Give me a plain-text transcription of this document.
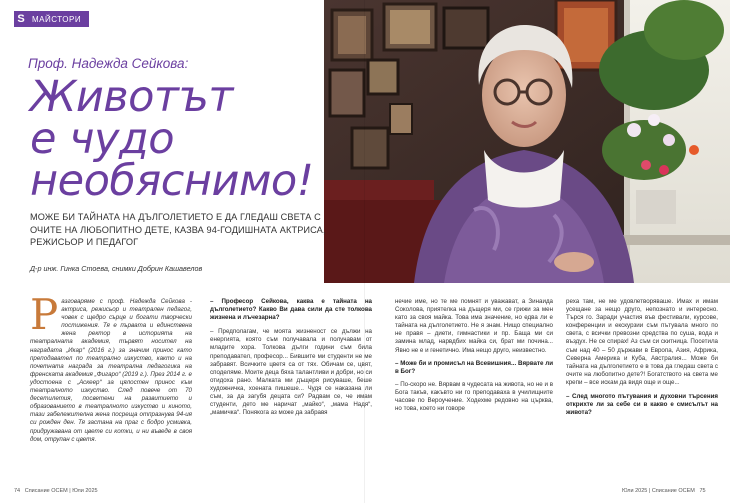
S МАЙСТОРИ
Проф. Надежда Сейкова:
Животът
е чудо
необяснимо!
МОЖЕ БИ ТАЙНАТА НА ДЪЛГОЛЕТИЕТО Е ДА ГЛЕДАШ СВЕТА С ОЧИТЕ НА ЛЮБОПИТНО ДЕТЕ, КАЗВА 94-ГОДИШНАТА АКТРИСА, РЕЖИСЬОР И ПЕДАГОГ
Д-р инж. Гинка Стоева, снимки Добрин Кашавелов
Р азговаряме с проф. Надежда Сейкова - актриса, режисьор и театрален педагог, човек с щедро сърце и богати творчески постижения. Тя е първата и единствена жена ректор в историята на театралната академия, тървят носител на наградата „Икар“ (2016 г.) за значим принос като преподавател по театрално изкуство, както и на почетната награда за театрална педагогика на френската академия „Фигаро“ (2019 г.). През 2014 г. е удостоена с „Аскеер“ за цялостен принос към театралното изкуство. След повече от 70 десетилетия, посветени на развитието и образованието в театралното изкуство и киното, тази забележителна жена посреща отпразнува 94-ия си рожден ден. Тя застана на праг с бодро усмивка, придружавана от цвете си котки, и ни въведе в своя дом, отрупан с цветя.

– Професор Сейкова, каква е тайната на дълголетието? Какво Ви дава сили да сте толкова жизнена и лъчезарна?

– Предполагам, че моята жизненост се дължи на енергията, която съм получавала и получавам от младите хора. Толкова дълги години съм била преподавател, професор... Бившите ми студенти не ме забравят. Всичките цветя са от тях. Обичам се, цвят, споделяме. Моите деца бяха талантливи и добри, но си отидоха рано. Малката ми дъщеря рисуваше, беше художничка, хоената пишеше... Чудя се наказана ли съм, за да загубя децата си? Радвам се, че имам студенти, дето ме наричат „майко“, „мама Надя“, „мамичка“. Понякога аз може да забравя

нечие име, но те ме помнят и уважават, а Зинаида Соколова, приятелка на дъщеря ми, се грижи за мен като за своя майка. Това има значение, но едва ли е тайната на дълголетието. Не я знам. Нищо специално не правя – диети, гимнастики и пр. Баща ми си замина млад, нарвдбих майка си, брат ми почина... Явно не е и генетично. Има нещо друго, неизвестно.

– Може би и промисъл на Всевишния... Вярвате ли в Бог?

– По-скоро не. Вярвам в чудесата на живота, но не и в Бога такъв, какъвто ни го преподаваха в училищните часове по Вероучение. Ходехме редовно на църква, но това, което ни говоре

реха там, не ме удовлетворяваше. Имах и имам усещане за нещо друго, непознато и интересно. Търся го. Заради участия във фестивали, курсове, конференции и екскурзии съм пътувала много по света, с всички превозни средства по суша, вода и въздух. Не се спирах! Аз съм си скитница. Посетила съм над 40 – 50 държави в Европа, Азия, Африка, Северна Америка и Куба, Австралия... Може би тайната на дълголетието е в това да гледаш света с очите на любопитно дете?! Богатството на света ме крепи – все искам да видя още и още...

– След многото пътувания и духовни търсения открихте ли за себе си в какво е смисълът на живота?

74 Списание ОСЕМ | Юли 2025	Юли 2025 | Списание ОСЕМ 75
